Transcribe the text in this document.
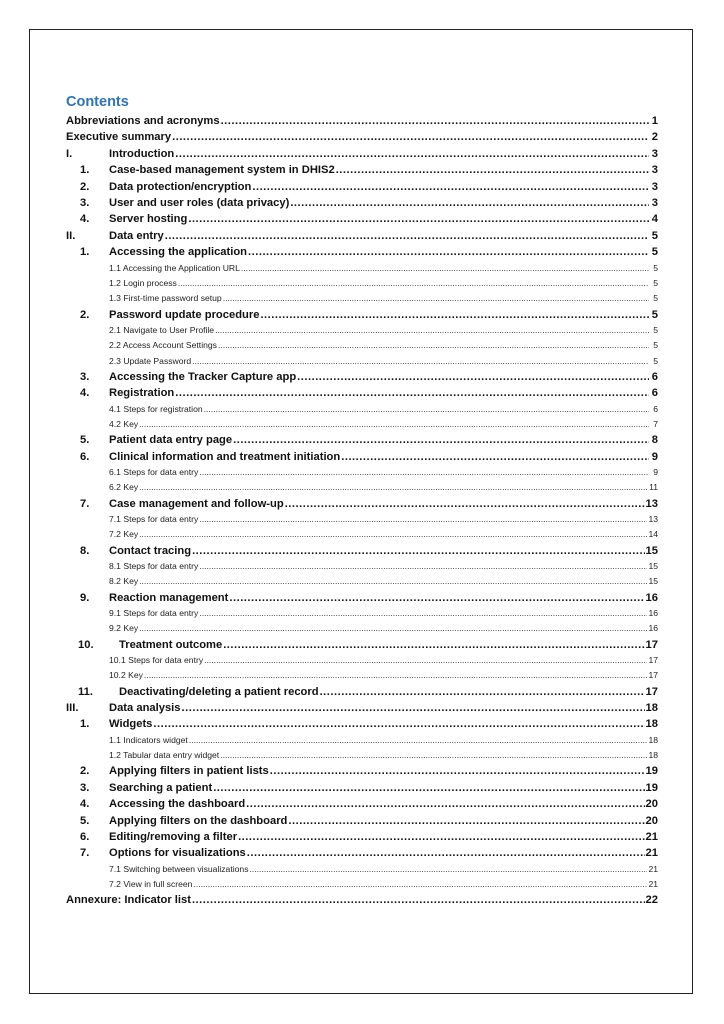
Contents
Abbreviations and acronyms .....	1
Executive summary .....	2
I.	Introduction .....	3
1.	Case-based management system in DHIS2 .....	3
2.	Data protection/encryption .....	3
3.	User and user roles (data privacy) .....	3
4.	Server hosting .....	4
II.	Data entry .....	5
1.	Accessing the application .....	5
1.1 Accessing the Application URL .....	5
1.2 Login process .....	5
1.3 First-time password setup .....	5
2.	Password update procedure .....	5
2.1 Navigate to User Profile .....	5
2.2 Access Account Settings .....	5
2.3 Update Password .....	5
3.	Accessing the Tracker Capture app .....	6
4.	Registration .....	6
4.1 Steps for registration .....	6
4.2 Key .....	7
5.	Patient data entry page .....	8
6.	Clinical information and treatment initiation .....	9
6.1 Steps for data entry .....	9
6.2 Key .....	11
7.	Case management and follow-up .....	13
7.1 Steps for data entry .....	13
7.2 Key .....	14
8.	Contact tracing .....	15
8.1 Steps for data entry .....	15
8.2 Key .....	15
9.	Reaction management .....	16
9.1 Steps for data entry .....	16
9.2 Key .....	16
10.	Treatment outcome .....	17
10.1 Steps for data entry .....	17
10.2 Key .....	17
11.	Deactivating/deleting a patient record .....	17
III.	Data analysis .....	18
1.	Widgets .....	18
1.1 Indicators widget .....	18
1.2 Tabular data entry widget .....	18
2.	Applying filters in patient lists .....	19
3.	Searching a patient .....	19
4.	Accessing the dashboard .....	20
5.	Applying filters on the dashboard .....	20
6.	Editing/removing a filter .....	21
7.	Options for visualizations .....	21
7.1 Switching between visualizations .....	21
7.2 View in full screen .....	21
Annexure: Indicator list .....	22
